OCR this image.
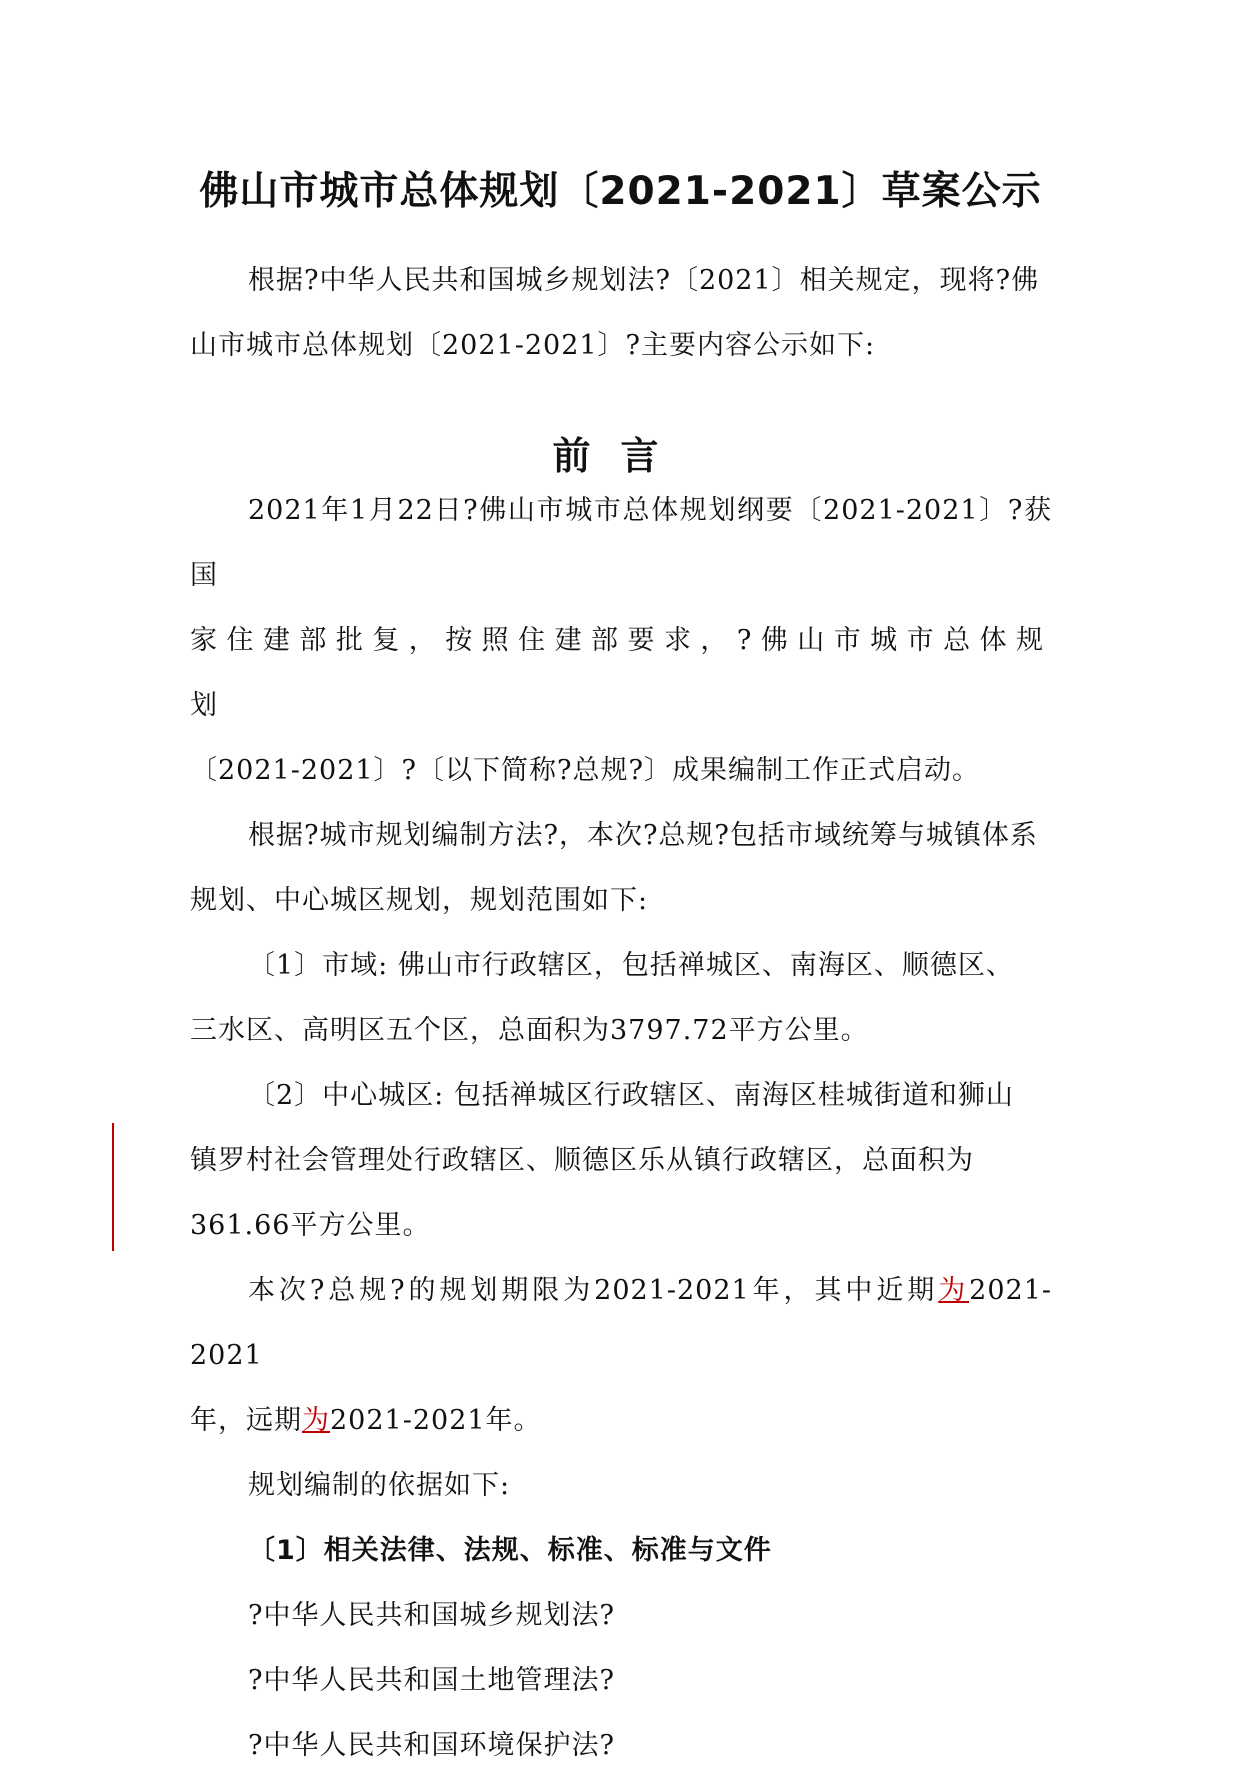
佛山市城市总体规划〔2021-2021〕草案公示

根据?中华人民共和国城乡规划法?〔2021〕相关规定，现将?佛

山市城市总体规划〔2021-2021〕?主要内容公示如下:

前言

2021年1月22日?佛山市城市总体规划纲要〔2021-2021〕?获国

家住建部批复，按照住建部要求，?佛山市城市总体规划

〔2021-2021〕?〔以下简称?总规?〕成果编制工作正式启动。

根据?城市规划编制方法?，本次?总规?包括市域统筹与城镇体系

规划、中心城区规划，规划范围如下:

〔1〕市域: 佛山市行政辖区，包括禅城区、南海区、顺德区、

三水区、高明区五个区，总面积为3797.72平方公里。

〔2〕中心城区: 包括禅城区行政辖区、南海区桂城街道和狮山

镇罗村社会管理处行政辖区、顺德区乐从镇行政辖区，总面积为

361.66平方公里。

本次?总规?的规划期限为2021-2021年，其中近期为2021-2021

年，远期为2021-2021年。

规划编制的依据如下:

〔1〕相关法律、法规、标准、标准与文件

?中华人民共和国城乡规划法?

?中华人民共和国土地管理法?

?中华人民共和国环境保护法?
